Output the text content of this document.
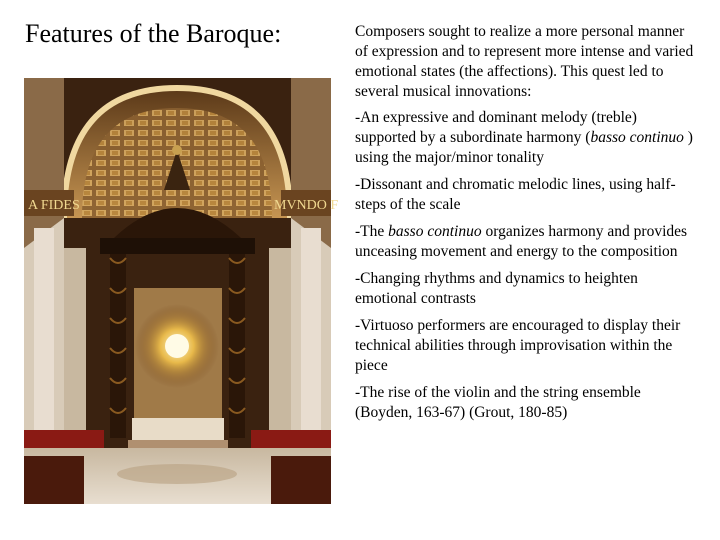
Features of the Baroque:
A FIDES	MVNDO F

Composers sought to realize a more personal manner of expression and to represent more intense and varied emotional states (the affections). This quest led to several musical innovations:

-An expressive and dominant melody (treble) supported by a subordinate harmony (basso continuo ) using the major/minor tonality

-Dissonant and chromatic melodic lines, using half-steps of the scale

-The basso continuo organizes harmony and provides unceasing movement and energy to the composition

-Changing rhythms and dynamics to heighten emotional contrasts

-Virtuoso performers are encouraged to display their technical abilities through improvisation within the piece

-The rise of the violin and the string ensemble (Boyden, 163-67) (Grout, 180-85)
